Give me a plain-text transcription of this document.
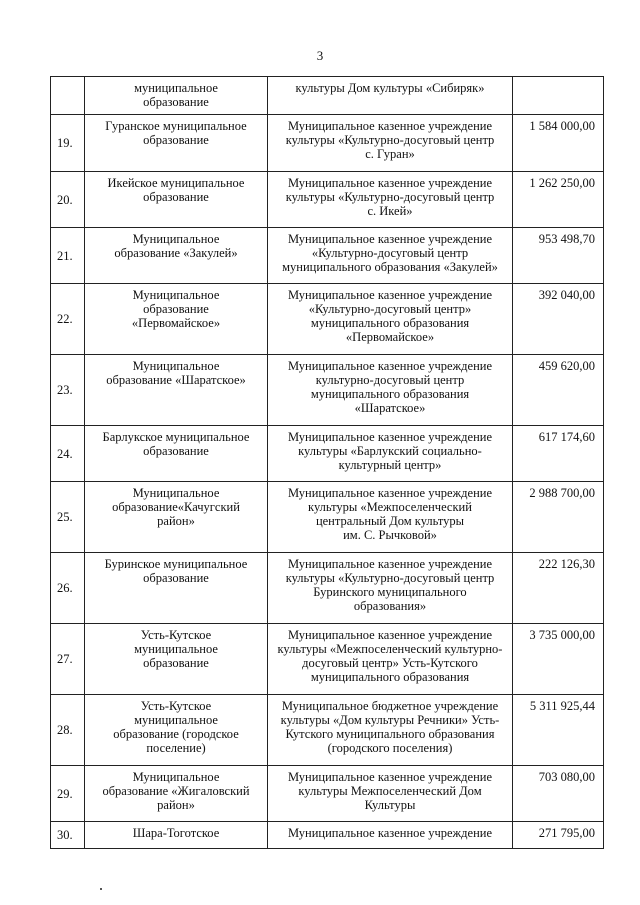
3
	муниципальное
образование	культуры Дом культуры «Сибиряк»	
19.	Гуранское муниципальное
образование	Муниципальное казенное учреждение
культуры «Культурно-досуговый центр
с. Гуран»	1 584 000,00
20.	Икейское муниципальное
образование	Муниципальное казенное учреждение
культуры «Культурно-досуговый центр
с. Икей»	1 262 250,00
21.	Муниципальное
образование «Закулей»	Муниципальное казенное учреждение
«Культурно-досуговый центр
муниципального образования «Закулей»	953 498,70
22.	Муниципальное
образование
«Первомайское»	Муниципальное казенное учреждение
«Культурно-досуговый центр»
муниципального образования
«Первомайское»	392 040,00
23.	Муниципальное
образование «Шаратское»	Муниципальное казенное учреждение
культурно-досуговый центр
муниципального образования
«Шаратское»	459 620,00
24.	Барлукское муниципальное
образование	Муниципальное казенное учреждение
культуры «Барлукский социально-
культурный центр»	617 174,60
25.	Муниципальное
образование«Качугский
район»	Муниципальное казенное учреждение
культуры «Межпоселенческий
центральный Дом культуры
им. С. Рычковой»	2 988 700,00
26.	Буринское муниципальное
образование	Муниципальное казенное учреждение
культуры «Культурно-досуговый центр
Буринского муниципального
образования»	222 126,30
27.	Усть-Кутское
муниципальное
образование	Муниципальное казенное учреждение
культуры «Межпоселенческий культурно-
досуговый центр» Усть-Кутского
муниципального образования	3 735 000,00
28.	Усть-Кутское
муниципальное
образование (городское
поселение)	Муниципальное бюджетное учреждение
культуры «Дом культуры Речники» Усть-
Кутского муниципального образования
(городского поселения)	5 311 925,44
29.	Муниципальное
образование «Жигаловский
район»	Муниципальное казенное учреждение
культуры Межпоселенческий Дом
Культуры	703 080,00
30.	Шара-Тоготское	Муниципальное казенное учреждение	271 795,00
